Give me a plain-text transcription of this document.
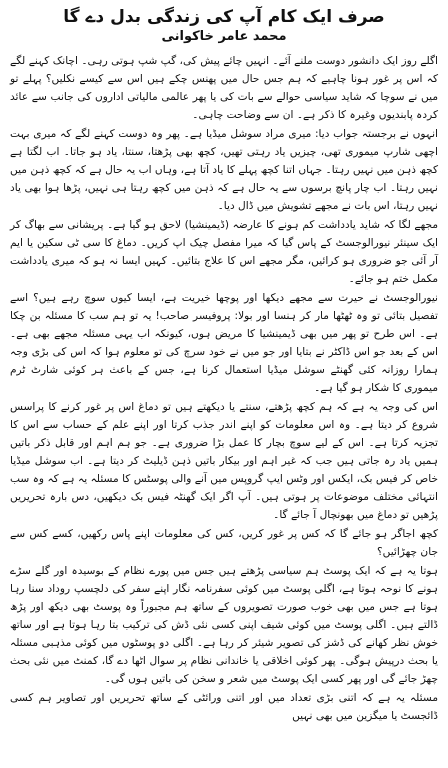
صرف ایک کام آپ کی زندگی بدل دے گا
محمد عامر خاکوانی

اگلے روز ایک دانشور دوست ملنے آئے۔ انہیں چائے پیش کی، گپ شپ ہوتی رہی۔ اچانک کہنے لگے کہ اس پر غور ہونا چاہیے کہ ہم جس حال میں پھنس چکے ہیں اس سے کیسے نکلیں؟ پہلے تو میں نے سوچا کہ شاید سیاسی حوالے سے بات کی یا پھر عالمی مالیاتی اداروں کی جانب سے عائد کردہ پابندیوں وغیرہ کا ذکر ہے۔ ان سے وضاحت چاہی۔

انہوں نے برجستہ جواب دیا: میری مراد سوشل میڈیا ہے۔ پھر وہ دوست کہنے لگے کہ میری بہت اچھی شارپ میموری تھی، چیزیں یاد رہتی تھیں، کچھ بھی پڑھتا، سنتا، یاد ہو جاتا۔ اب لگتا ہے کچھ ذہن میں نہیں رہتا۔ جہاں اتنا کچھ پہلے کا یاد آتا ہے، وہاں اب یہ حال ہے کہ کچھ ذہن میں نہیں رہتا۔ اب چار پانچ برسوں سے یہ حال ہے کہ ذہن میں کچھ رہتا ہی نہیں، پڑھا ہوا بھی یاد نہیں رہتا، اس بات نے مجھے تشویش میں ڈال دیا۔

مجھے لگا کہ شاید یادداشت کم ہونے کا عارضہ (ڈیمینشیا) لاحق ہو گیا ہے۔ پریشانی سے بھاگ کر ایک سینئر نیورالوجسٹ کے پاس گیا کہ میرا مفصل چیک اپ کریں۔ دماغ کا سی ٹی سکین یا ایم آر آئی جو ضروری ہو کرائیں، مگر مجھے اس کا علاج بتائیں۔ کہیں ایسا نہ ہو کہ میری یادداشت مکمل ختم ہو جائے۔

نیورالوجسٹ نے حیرت سے مجھے دیکھا اور پوچھا خیریت ہے، ایسا کیوں سوچ رہے ہیں؟ اسے تفصیل بتائی تو وہ ٹھٹھا مار کر ہنسا اور بولا: پروفیسر صاحب! یہ تو ہم سب کا مسئلہ بن چکا ہے۔ اس طرح تو پھر میں بھی ڈیمینشیا کا مریض ہوں، کیونکہ اب یہی مسئلہ مجھے بھی ہے۔ اس کے بعد جو اس ڈاکٹر نے بتایا اور جو میں نے خود سرچ کی تو معلوم ہوا کہ اس کی بڑی وجہ ہمارا روزانہ کئی گھنٹے سوشل میڈیا استعمال کرنا ہے، جس کے باعث ہر کوئی شارٹ ٹرم میموری کا شکار ہو گیا ہے۔

اس کی وجہ یہ ہے کہ ہم کچھ پڑھتے، سنتے یا دیکھتے ہیں تو دماغ اس پر غور کرنے کا پراسس شروع کر دیتا ہے۔ وہ اس معلومات کو اپنے اندر جذب کرتا اور اپنے علم کے حساب سے اس کا تجزیہ کرتا ہے۔ اس کے لیے سوچ بچار کا عمل بڑا ضروری ہے۔ جو ہم اہم اور قابل ذکر باتیں ہمیں یاد رہ جاتی ہیں جب کہ غیر اہم اور بیکار باتیں ذہن ڈیلیٹ کر دیتا ہے۔ اب سوشل میڈیا خاص کر فیس بک، ایکس اور وٹس ایپ گروپس میں آنے والی پوسٹس کا مسئلہ یہ ہے کہ وہ سب انتہائی مختلف موضوعات پر ہوتی ہیں۔ آپ اگر ایک گھنٹہ فیس بک دیکھیں، دس بارہ تحریریں پڑھیں تو دماغ میں بھونچال آ جائے گا۔

کچھ اجاگر ہو جائے گا کہ کس پر غور کریں، کس کی معلومات اپنے پاس رکھیں، کسے کس سے جان چھڑائیں؟

ہوتا یہ ہے کہ ایک پوسٹ ہم سیاسی پڑھتے ہیں جس میں پورے نظام کے بوسیدہ اور گلے سڑے ہونے کا نوحہ ہوتا ہے، اگلی پوسٹ میں کوئی سفرنامہ نگار اپنے سفر کی دلچسپ روداد سنا رہا ہوتا ہے جس میں بھی خوب صورت تصویروں کے ساتھ ہم مجبوراً وہ پوسٹ بھی دیکھ اور پڑھ ڈالتے ہیں۔ اگلی پوسٹ میں کوئی شیف اپنی کسی نئی ڈش کی ترکیب بتا رہا ہوتا ہے اور ساتھ خوش نظر کھانے کی ڈشز کی تصویر شیئر کر رہا ہے۔ اگلی دو پوسٹوں میں کوئی مذہبی مسئلہ یا بحث درپیش ہوگی۔ پھر کوئی اخلاقی یا خاندانی نظام پر سوال اٹھا دے گا، کمنٹ میں نئی بحث چھڑ جائے گی اور پھر کسی ایک پوسٹ میں شعر و سخن کی باتیں ہوں گی۔

مسئلہ یہ ہے کہ اتنی بڑی تعداد میں اور اتنی ورائٹی کے ساتھ تحریریں اور تصاویر ہم کسی ڈائجسٹ یا میگزین میں بھی نہیں
